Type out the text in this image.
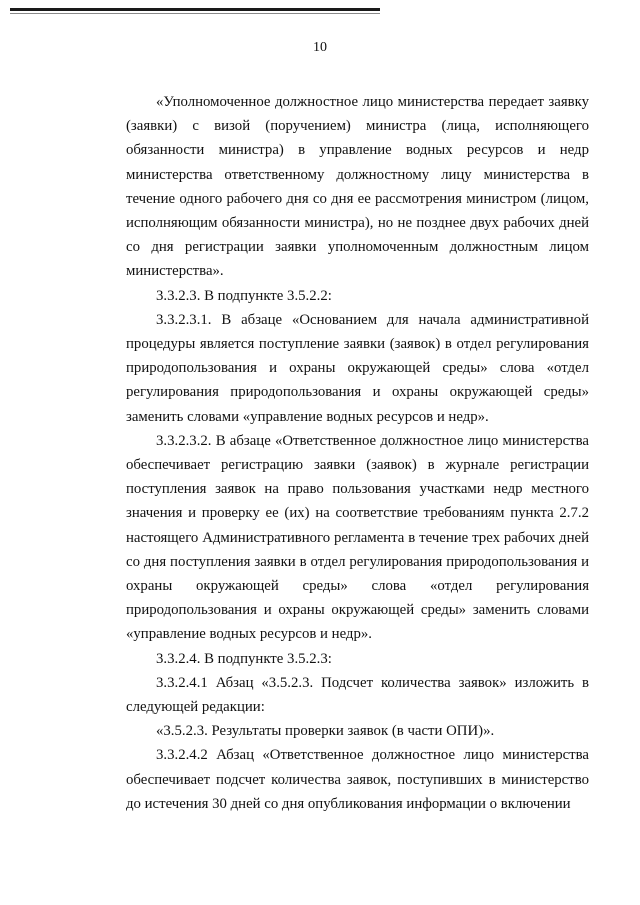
10

«Уполномоченное должностное лицо министерства передает заявку (заявки) с визой (поручением) министра (лица, исполняющего обязанности министра) в управление водных ресурсов и недр министерства ответственному должностному лицу министерства в течение одного рабочего дня со дня ее рассмотрения министром (лицом, исполняющим обязанности министра), но не позднее двух рабочих дней со дня регистрации заявки уполномоченным должностным лицом министерства».

3.3.2.3. В подпункте 3.5.2.2:

3.3.2.3.1. В абзаце «Основанием для начала административной процедуры является поступление заявки (заявок) в отдел регулирования природопользования и охраны окружающей среды» слова «отдел регулирования природопользования и охраны окружающей среды» заменить словами «управление водных ресурсов и недр».

3.3.2.3.2. В абзаце «Ответственное должностное лицо министерства обеспечивает регистрацию заявки (заявок) в журнале регистрации поступления заявок на право пользования участками недр местного значения и проверку ее (их) на соответствие требованиям пункта 2.7.2 настоящего Административного регламента в течение трех рабочих дней со дня поступления заявки в отдел регулирования природопользования и охраны окружающей среды» слова «отдел регулирования природопользования и охраны окружающей среды» заменить словами «управление водных ресурсов и недр».

3.3.2.4. В подпункте 3.5.2.3:

3.3.2.4.1 Абзац «3.5.2.3. Подсчет количества заявок» изложить в следующей редакции:

«3.5.2.3. Результаты проверки заявок (в части ОПИ)».

3.3.2.4.2 Абзац «Ответственное должностное лицо министерства обеспечивает подсчет количества заявок, поступивших в министерство до истечения 30 дней со дня опубликования информации о включении
